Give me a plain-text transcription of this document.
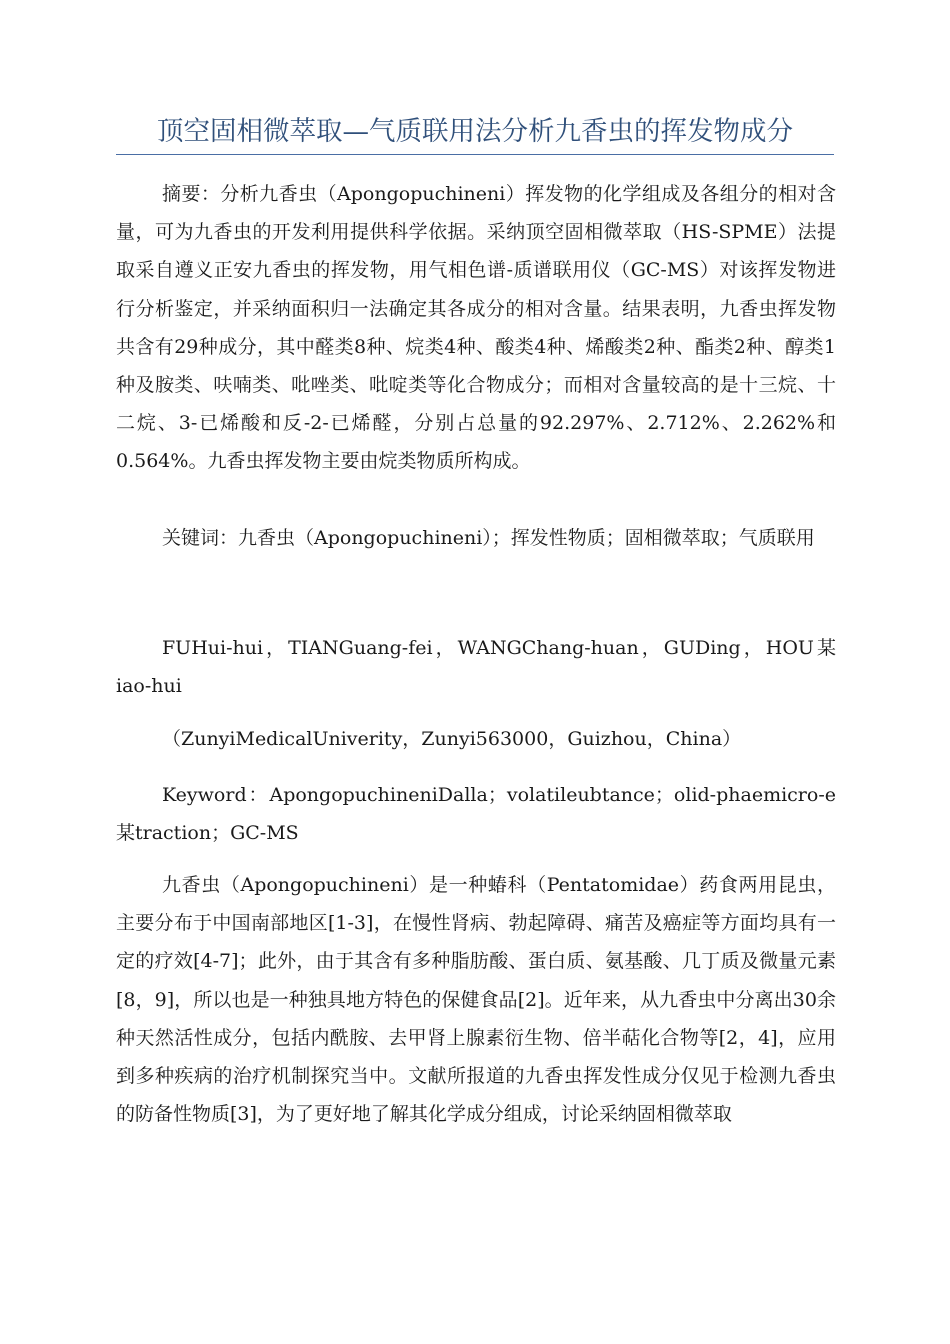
顶空固相微萃取—气质联用法分析九香虫的挥发物成分

摘要：分析九香虫（Apongopuchineni）挥发物的化学组成及各组分的相对含量，可为九香虫的开发利用提供科学依据。采纳顶空固相微萃取（HS-SPME）法提取采自遵义正安九香虫的挥发物，用气相色谱-质谱联用仪（GC-MS）对该挥发物进行分析鉴定，并采纳面积归一法确定其各成分的相对含量。结果表明，九香虫挥发物共含有29种成分，其中醛类8种、烷类4种、酸类4种、烯酸类2种、酯类2种、醇类1种及胺类、呋喃类、吡唑类、吡啶类等化合物成分；而相对含量较高的是十三烷、十二烷、3-已烯酸和反-2-已烯醛，分别占总量的92.297%、2.712%、2.262%和0.564%。九香虫挥发物主要由烷类物质所构成。

关键词：九香虫（Apongopuchineni）；挥发性物质；固相微萃取；气质联用

FUHui-hui，TIANGuang-fei，WANGChang-huan，GUDing，HOU某iao-hui

（ZunyiMedicalUniverity，Zunyi563000，Guizhou，China）

Keyword：ApongopuchineniDalla；volatileubtance；olid-phaemicro-e某traction；GC-MS

九香虫（Apongopuchineni）是一种蝽科（Pentatomidae）药食两用昆虫，主要分布于中国南部地区[1-3]，在慢性肾病、勃起障碍、痛苦及癌症等方面均具有一定的疗效[4-7]；此外，由于其含有多种脂肪酸、蛋白质、氨基酸、几丁质及微量元素[8，9]，所以也是一种独具地方特色的保健食品[2]。近年来，从九香虫中分离出30余种天然活性成分，包括内酰胺、去甲肾上腺素衍生物、倍半萜化合物等[2，4]，应用到多种疾病的治疗机制探究当中。文献所报道的九香虫挥发性成分仅见于检测九香虫的防备性物质[3]，为了更好地了解其化学成分组成，讨论采纳固相微萃取
